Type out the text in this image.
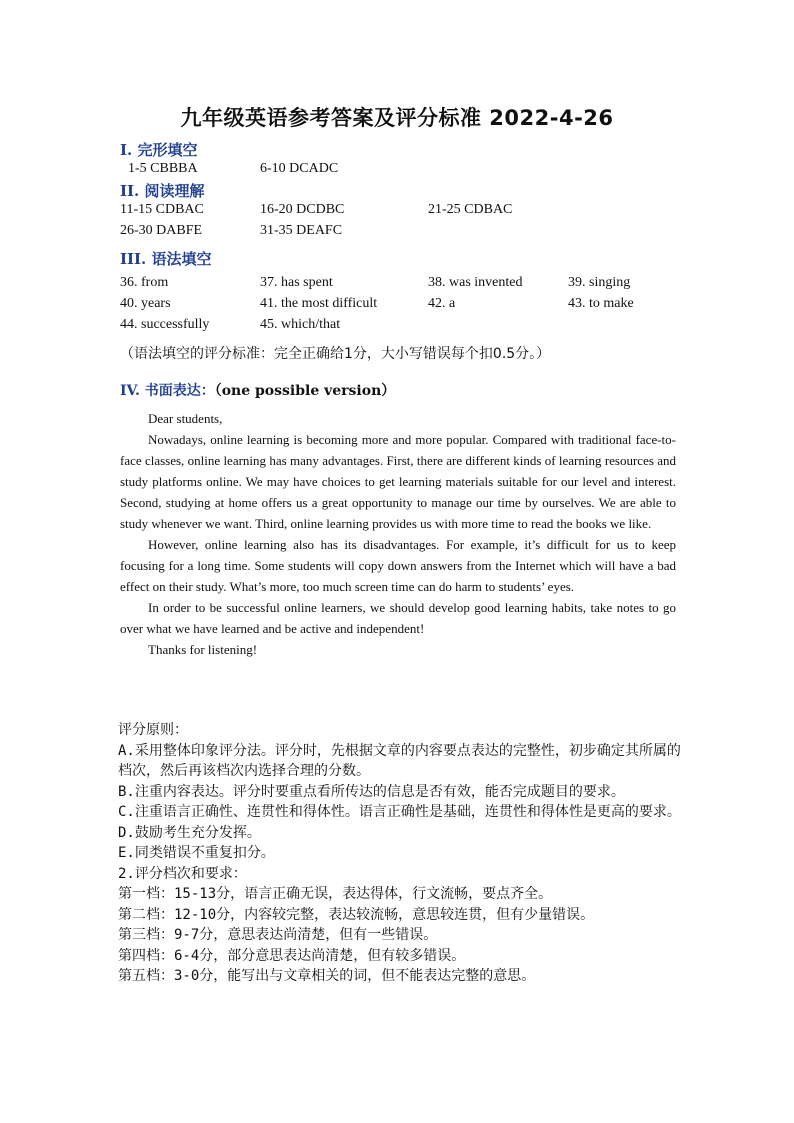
九年级英语参考答案及评分标准 2022-4-26
I. 完形填空
1-5 CBBBA	6-10 DCADC
II. 阅读理解
11-15 CDBAC	16-20 DCDBC	21-25 CDBAC
26-30 DABFE	31-35 DEAFC
III. 语法填空
36. from	37. has spent	38. was invented	39. singing
40. years	41. the most difficult	42. a	43. to make
44. successfully	45. which/that
（语法填空的评分标准：完全正确给1分，大小写错误每个扣0.5分。）
IV. 书面表达：（one possible version）

Dear students,

Nowadays, online learning is becoming more and more popular. Compared with traditional face-to-face classes, online learning has many advantages. First, there are different kinds of learning resources and study platforms online. We may have choices to get learning materials suitable for our level and interest. Second, studying at home offers us a great opportunity to manage our time by ourselves. We are able to study whenever we want. Third, online learning provides us with more time to read the books we like.

However, online learning also has its disadvantages. For example, it’s difficult for us to keep focusing for a long time. Some students will copy down answers from the Internet which will have a bad effect on their study. What’s more, too much screen time can do harm to students’ eyes.

In order to be successful online learners, we should develop good learning habits, take notes to go over what we have learned and be active and independent!

Thanks for listening!

评分原则：

A.采用整体印象评分法。评分时，先根据文章的内容要点表达的完整性，初步确定其所属的档次，然后再该档次内选择合理的分数。

B.注重内容表达。评分时要重点看所传达的信息是否有效，能否完成题目的要求。

C.注重语言正确性、连贯性和得体性。语言正确性是基础，连贯性和得体性是更高的要求。

D.鼓励考生充分发挥。

E.同类错误不重复扣分。

2.评分档次和要求：

第一档：15-13分，语言正确无误，表达得体，行文流畅，要点齐全。

第二档：12-10分，内容较完整，表达较流畅，意思较连贯，但有少量错误。

第三档：9-7分，意思表达尚清楚，但有一些错误。

第四档：6-4分，部分意思表达尚清楚，但有较多错误。

第五档：3-0分，能写出与文章相关的词，但不能表达完整的意思。
